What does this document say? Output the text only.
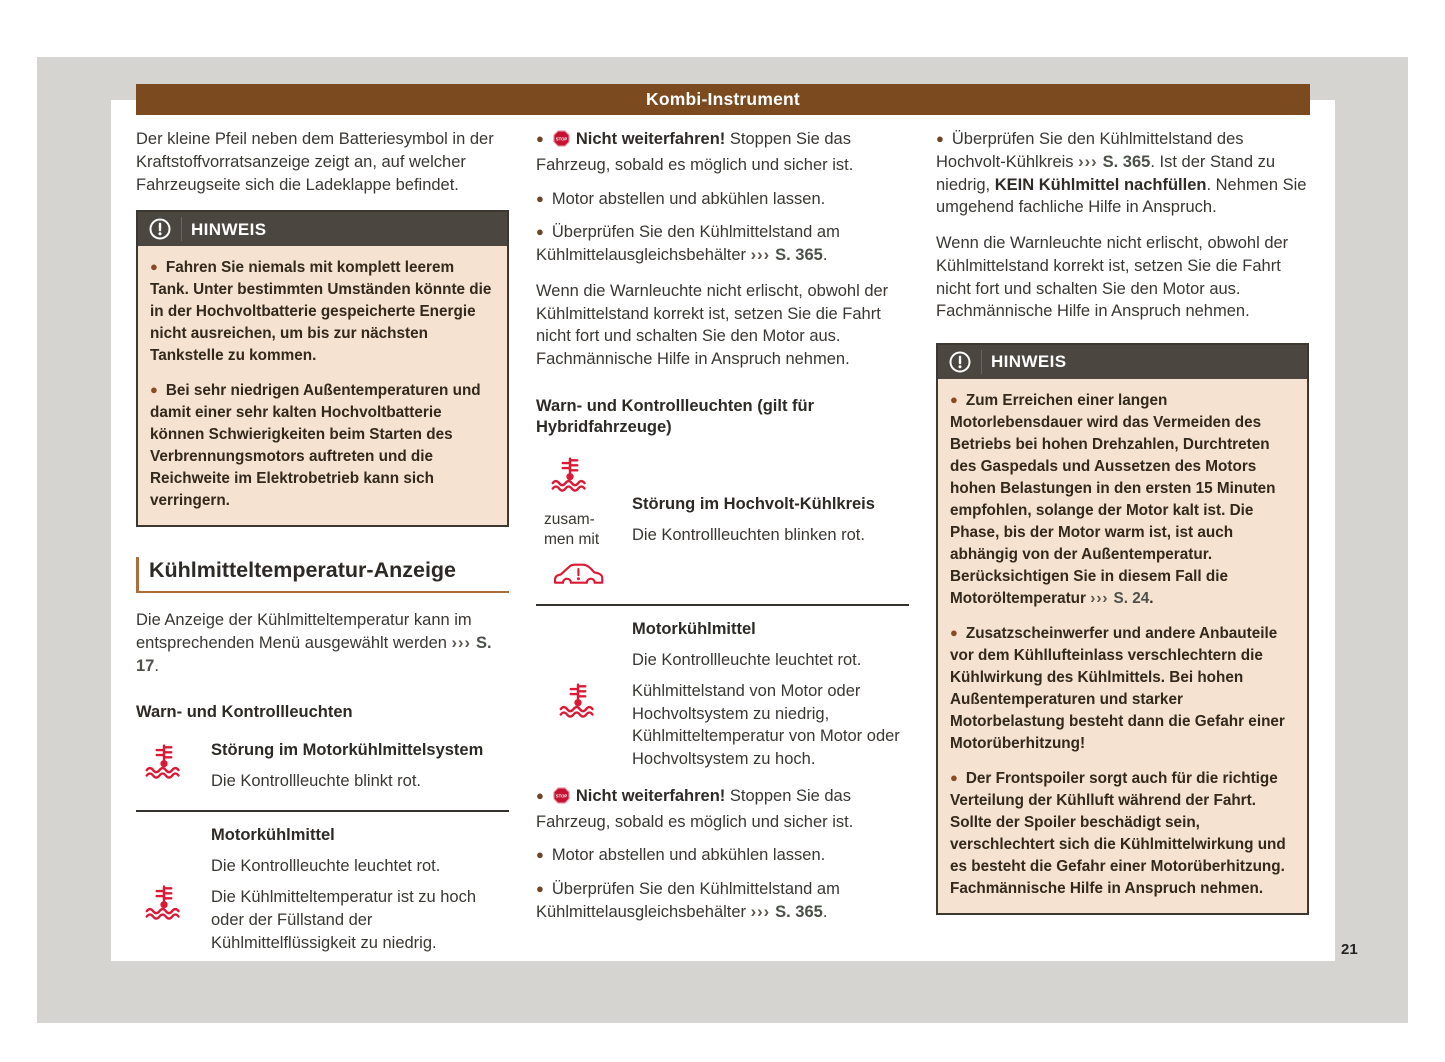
Kombi-Instrument
21

Der kleine Pfeil neben dem Batteriesymbol in der Kraftstoffvorratsanzeige zeigt an, auf welcher Fahrzeugseite sich die Ladeklappe befindet.

HINWEIS

● Fahren Sie niemals mit komplett leerem Tank. Unter bestimmten Umständen könnte die in der Hochvoltbatterie gespeicherte Energie nicht ausreichen, um bis zur nächsten Tankstelle zu kommen.

● Bei sehr niedrigen Außentemperaturen und damit einer sehr kalten Hochvoltbatterie können Schwierigkeiten beim Starten des Verbrennungsmotors auftreten und die Reichweite im Elektrobetrieb kann sich verringern.

Kühlmitteltemperatur-Anzeige

Die Anzeige der Kühlmitteltemperatur kann im entsprechenden Menü ausgewählt werden ››› S. 17.

Warn- und Kontrollleuchten

Störung im Motorkühlmittelsystem

Die Kontrollleuchte blinkt rot.

Motorkühlmittel

Die Kontrollleuchte leuchtet rot.

Die Kühlmitteltemperatur ist zu hoch oder der Füllstand der Kühlmittelflüssigkeit zu niedrig.

● Nicht weiterfahren! Stoppen Sie das Fahrzeug, sobald es möglich und sicher ist.

● Motor abstellen und abkühlen lassen.

● Überprüfen Sie den Kühlmittelstand am Kühlmittelausgleichsbehälter ››› S. 365.

Wenn die Warnleuchte nicht erlischt, obwohl der Kühlmittelstand korrekt ist, setzen Sie die Fahrt nicht fort und schalten Sie den Motor aus. Fachmännische Hilfe in Anspruch nehmen.

Warn- und Kontrollleuchten (gilt für Hybridfahrzeuge)
zusam-men mit

Störung im Hochvolt-Kühlkreis

Die Kontrollleuchten blinken rot.

Motorkühlmittel

Die Kontrollleuchte leuchtet rot.

Kühlmittelstand von Motor oder Hochvoltsystem zu niedrig, Kühlmitteltemperatur von Motor oder Hochvoltsystem zu hoch.

● Nicht weiterfahren! Stoppen Sie das Fahrzeug, sobald es möglich und sicher ist.

● Motor abstellen und abkühlen lassen.

● Überprüfen Sie den Kühlmittelstand am Kühlmittelausgleichsbehälter ››› S. 365.

● Überprüfen Sie den Kühlmittelstand des Hochvolt-Kühlkreis ››› S. 365. Ist der Stand zu niedrig, KEIN Kühlmittel nachfüllen. Nehmen Sie umgehend fachliche Hilfe in Anspruch.

Wenn die Warnleuchte nicht erlischt, obwohl der Kühlmittelstand korrekt ist, setzen Sie die Fahrt nicht fort und schalten Sie den Motor aus. Fachmännische Hilfe in Anspruch nehmen.

HINWEIS

● Zum Erreichen einer langen Motorlebensdauer wird das Vermeiden des Betriebs bei hohen Drehzahlen, Durchtreten des Gaspedals und Aussetzen des Motors hohen Belastungen in den ersten 15 Minuten empfohlen, solange der Motor kalt ist. Die Phase, bis der Motor warm ist, ist auch abhängig von der Außentemperatur. Berücksichtigen Sie in diesem Fall die Motoröltemperatur ››› S. 24.

● Zusatzscheinwerfer und andere Anbauteile vor dem Kühllufteinlass verschlechtern die Kühlwirkung des Kühlmittels. Bei hohen Außentemperaturen und starker Motorbelastung besteht dann die Gefahr einer Motorüberhitzung!

● Der Frontspoiler sorgt auch für die richtige Verteilung der Kühlluft während der Fahrt. Sollte der Spoiler beschädigt sein, verschlechtert sich die Kühlmittelwirkung und es besteht die Gefahr einer Motorüberhitzung. Fachmännische Hilfe in Anspruch nehmen.
